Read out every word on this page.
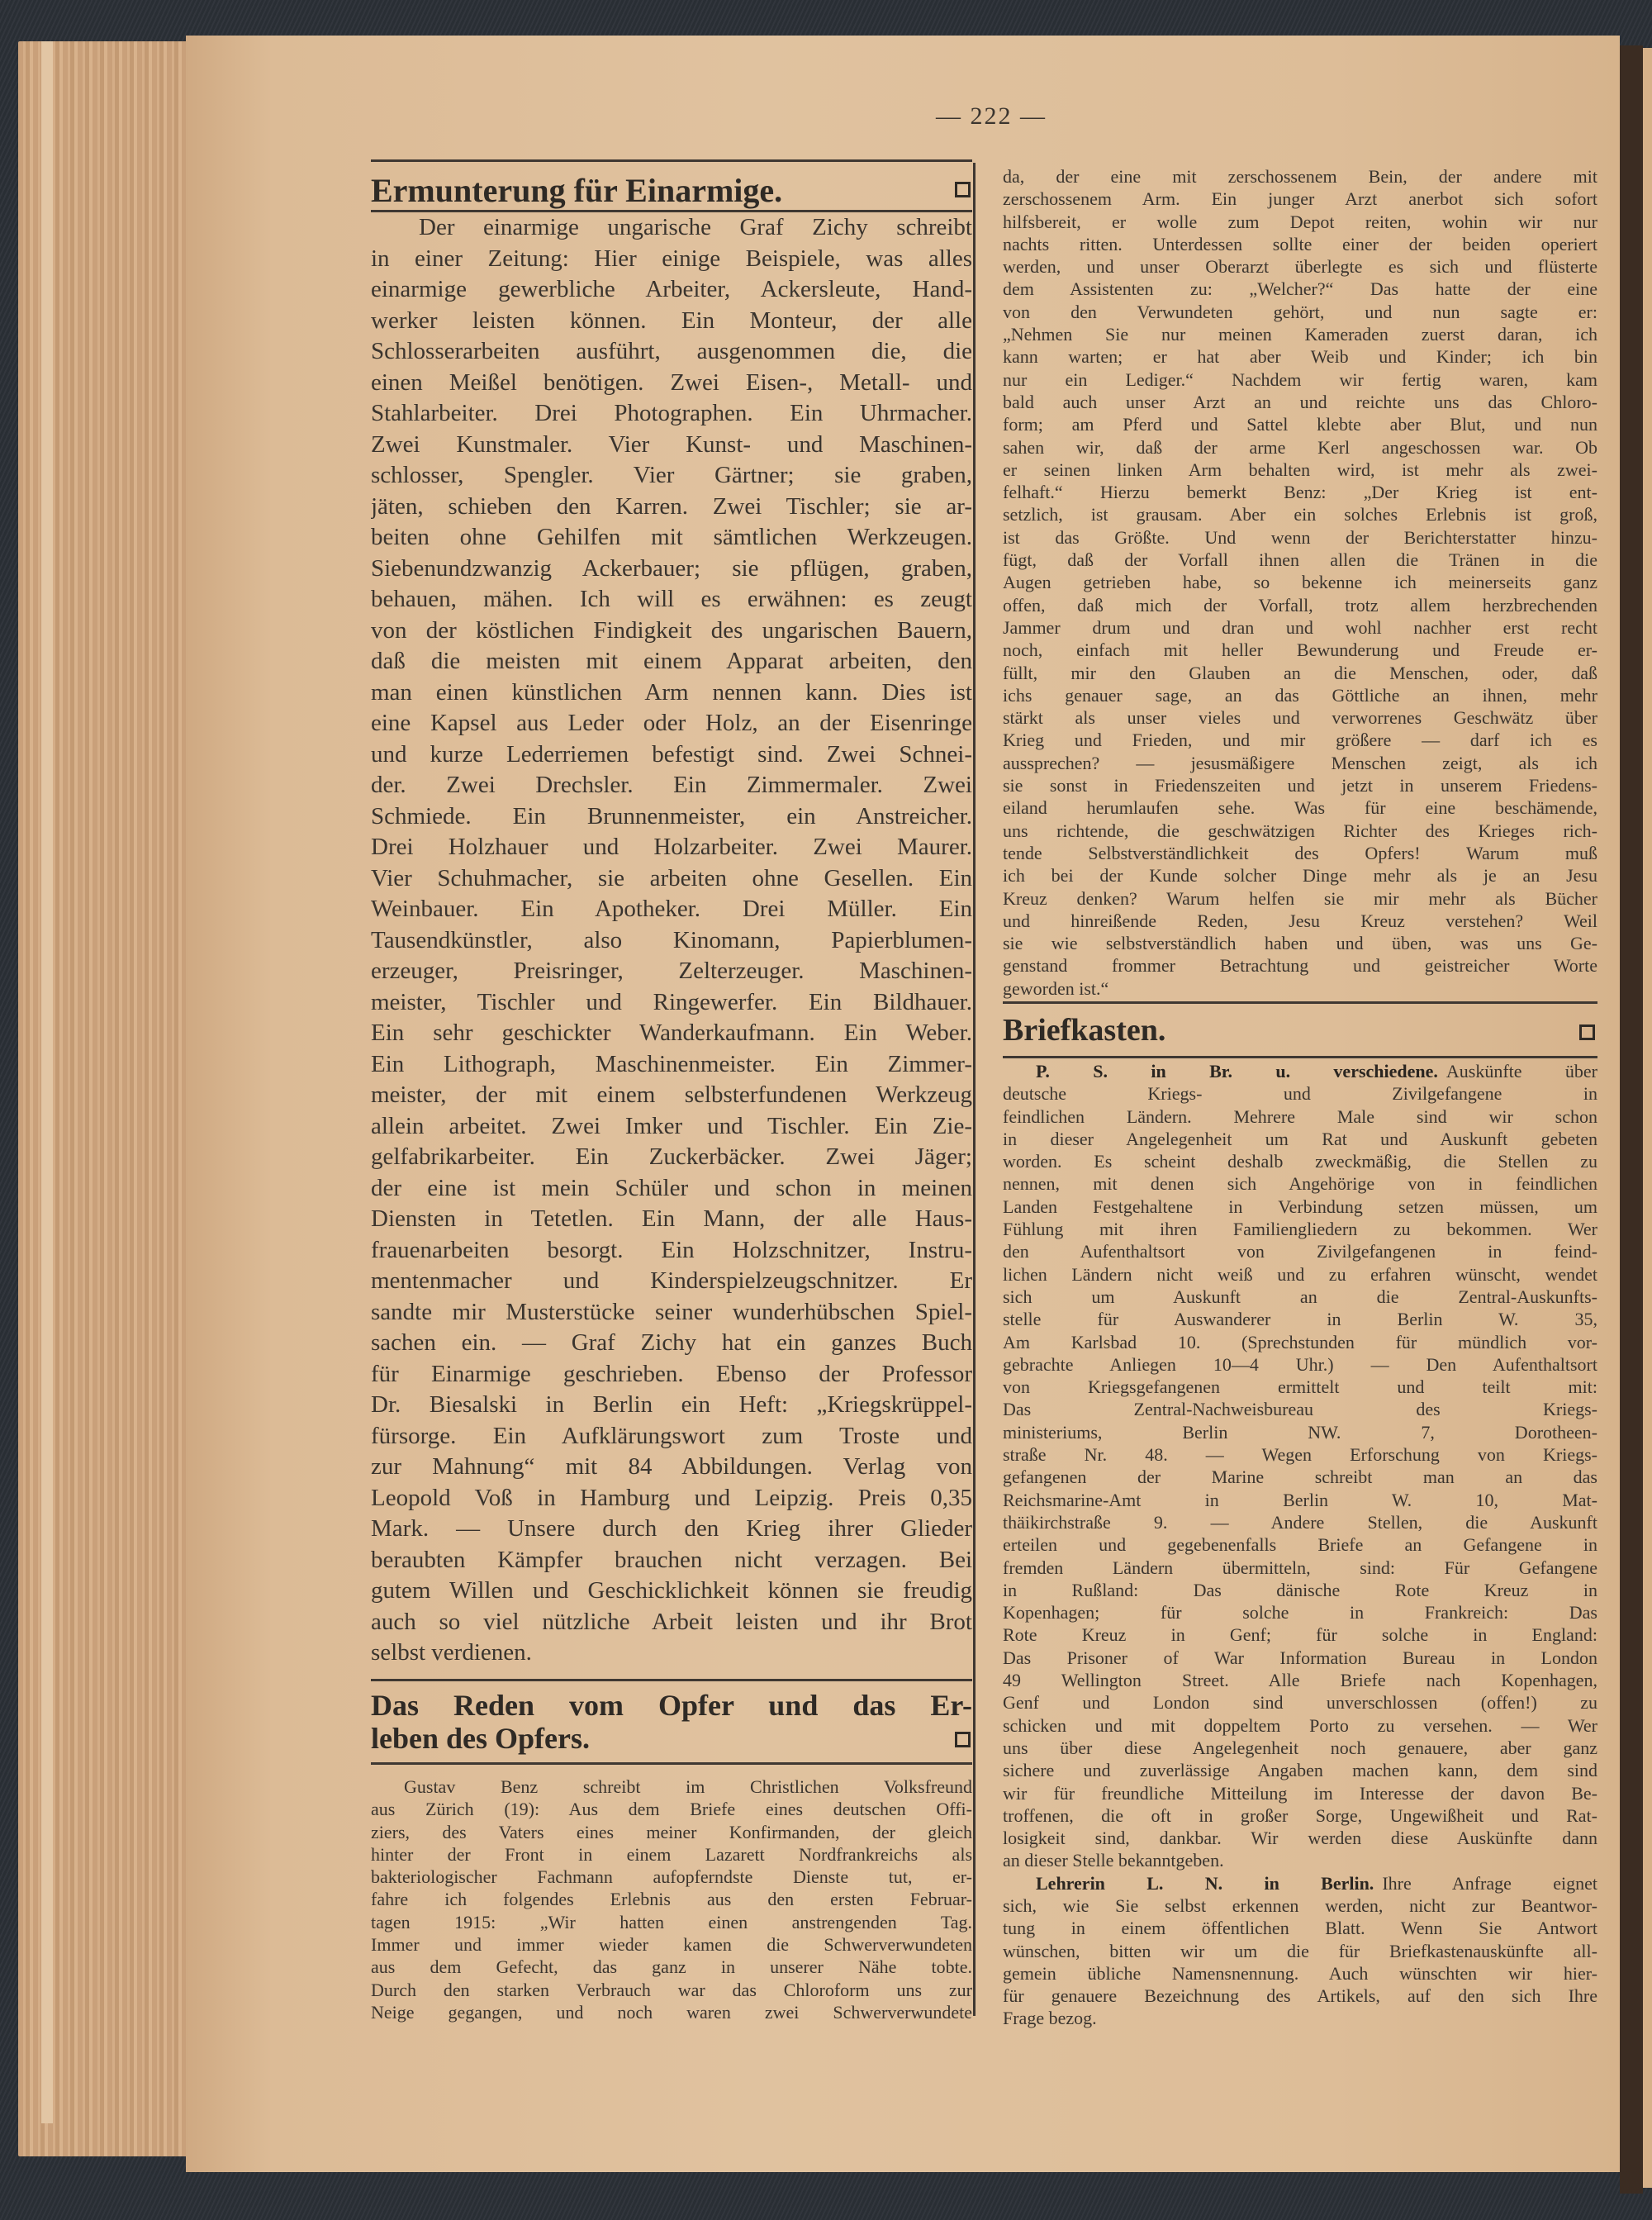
— 222 —
Ermunterung für Einarmige.
Der einarmige ungarische Graf Zichy schreibt
in einer Zeitung: Hier einige Beispiele, was alles
einarmige gewerbliche Arbeiter, Ackersleute, Hand-
werker leisten können. Ein Monteur, der alle
Schlosserarbeiten ausführt, ausgenommen die, die
einen Meißel benötigen. Zwei Eisen-, Metall- und
Stahlarbeiter. Drei Photographen. Ein Uhrmacher.
Zwei Kunstmaler. Vier Kunst- und Maschinen-
schlosser, Spengler. Vier Gärtner; sie graben,
jäten, schieben den Karren. Zwei Tischler; sie ar-
beiten ohne Gehilfen mit sämtlichen Werkzeugen.
Siebenundzwanzig Ackerbauer; sie pflügen, graben,
behauen, mähen. Ich will es erwähnen: es zeugt
von der köstlichen Findigkeit des ungarischen Bauern,
daß die meisten mit einem Apparat arbeiten, den
man einen künstlichen Arm nennen kann. Dies ist
eine Kapsel aus Leder oder Holz, an der Eisenringe
und kurze Lederriemen befestigt sind. Zwei Schnei-
der. Zwei Drechsler. Ein Zimmermaler. Zwei
Schmiede. Ein Brunnenmeister, ein Anstreicher.
Drei Holzhauer und Holzarbeiter. Zwei Maurer.
Vier Schuhmacher, sie arbeiten ohne Gesellen. Ein
Weinbauer. Ein Apotheker. Drei Müller. Ein
Tausendkünstler, also Kinomann, Papierblumen-
erzeuger, Preisringer, Zelterzeuger. Maschinen-
meister, Tischler und Ringewerfer. Ein Bildhauer.
Ein sehr geschickter Wanderkaufmann. Ein Weber.
Ein Lithograph, Maschinenmeister. Ein Zimmer-
meister, der mit einem selbsterfundenen Werkzeug
allein arbeitet. Zwei Imker und Tischler. Ein Zie-
gelfabrikarbeiter. Ein Zuckerbäcker. Zwei Jäger;
der eine ist mein Schüler und schon in meinen
Diensten in Tetetlen. Ein Mann, der alle Haus-
frauenarbeiten besorgt. Ein Holzschnitzer, Instru-
mentenmacher und Kinderspielzeugschnitzer. Er
sandte mir Musterstücke seiner wunderhübschen Spiel-
sachen ein. — Graf Zichy hat ein ganzes Buch
für Einarmige geschrieben. Ebenso der Professor
Dr. Biesalski in Berlin ein Heft: „Kriegskrüppel-
fürsorge. Ein Aufklärungswort zum Troste und
zur Mahnung“ mit 84 Abbildungen. Verlag von
Leopold Voß in Hamburg und Leipzig. Preis 0,35
Mark. — Unsere durch den Krieg ihrer Glieder
beraubten Kämpfer brauchen nicht verzagen. Bei
gutem Willen und Geschicklichkeit können sie freudig
auch so viel nützliche Arbeit leisten und ihr Brot
selbst verdienen.
Das Reden vom Opfer und das Er-
leben des Opfers.
Gustav Benz schreibt im Christlichen Volksfreund
aus Zürich (19): Aus dem Briefe eines deutschen Offi-
ziers, des Vaters eines meiner Konfirmanden, der gleich
hinter der Front in einem Lazarett Nordfrankreichs als
bakteriologischer Fachmann aufopferndste Dienste tut, er-
fahre ich folgendes Erlebnis aus den ersten Februar-
tagen 1915: „Wir hatten einen anstrengenden Tag.
Immer und immer wieder kamen die Schwerverwundeten
aus dem Gefecht, das ganz in unserer Nähe tobte.
Durch den starken Verbrauch war das Chloroform uns zur
Neige gegangen, und noch waren zwei Schwerverwundete
da, der eine mit zerschossenem Bein, der andere mit
zerschossenem Arm. Ein junger Arzt anerbot sich sofort
hilfsbereit, er wolle zum Depot reiten, wohin wir nur
nachts ritten. Unterdessen sollte einer der beiden operiert
werden, und unser Oberarzt überlegte es sich und flüsterte
dem Assistenten zu: „Welcher?“ Das hatte der eine
von den Verwundeten gehört, und nun sagte er:
„Nehmen Sie nur meinen Kameraden zuerst daran, ich
kann warten; er hat aber Weib und Kinder; ich bin
nur ein Lediger.“ Nachdem wir fertig waren, kam
bald auch unser Arzt an und reichte uns das Chloro-
form; am Pferd und Sattel klebte aber Blut, und nun
sahen wir, daß der arme Kerl angeschossen war. Ob
er seinen linken Arm behalten wird, ist mehr als zwei-
felhaft.“ Hierzu bemerkt Benz: „Der Krieg ist ent-
setzlich, ist grausam. Aber ein solches Erlebnis ist groß,
ist das Größte. Und wenn der Berichterstatter hinzu-
fügt, daß der Vorfall ihnen allen die Tränen in die
Augen getrieben habe, so bekenne ich meinerseits ganz
offen, daß mich der Vorfall, trotz allem herzbrechenden
Jammer drum und dran und wohl nachher erst recht
noch, einfach mit heller Bewunderung und Freude er-
füllt, mir den Glauben an die Menschen, oder, daß
ichs genauer sage, an das Göttliche an ihnen, mehr
stärkt als unser vieles und verworrenes Geschwätz über
Krieg und Frieden, und mir größere — darf ich es
aussprechen? — jesusmäßigere Menschen zeigt, als ich
sie sonst in Friedenszeiten und jetzt in unserem Friedens-
eiland herumlaufen sehe. Was für eine beschämende,
uns richtende, die geschwätzigen Richter des Krieges rich-
tende Selbstverständlichkeit des Opfers! Warum muß
ich bei der Kunde solcher Dinge mehr als je an Jesu
Kreuz denken? Warum helfen sie mir mehr als Bücher
und hinreißende Reden, Jesu Kreuz verstehen? Weil
sie wie selbstverständlich haben und üben, was uns Ge-
genstand frommer Betrachtung und geistreicher Worte
geworden ist.“
Briefkasten.
P. S. in Br. u. verschiedene. Auskünfte über
deutsche Kriegs- und Zivilgefangene in
feindlichen Ländern. Mehrere Male sind wir schon
in dieser Angelegenheit um Rat und Auskunft gebeten
worden. Es scheint deshalb zweckmäßig, die Stellen zu
nennen, mit denen sich Angehörige von in feindlichen
Landen Festgehaltene in Verbindung setzen müssen, um
Fühlung mit ihren Familiengliedern zu bekommen. Wer
den Aufenthaltsort von Zivilgefangenen in feind-
lichen Ländern nicht weiß und zu erfahren wünscht, wendet
sich um Auskunft an die Zentral-Auskunfts-
stelle für Auswanderer in Berlin W. 35,
Am Karlsbad 10. (Sprechstunden für mündlich vor-
gebrachte Anliegen 10—4 Uhr.) — Den Aufenthaltsort
von Kriegsgefangenen ermittelt und teilt mit:
Das Zentral-Nachweisbureau des Kriegs-
ministeriums, Berlin NW. 7, Dorotheen-
straße Nr. 48. — Wegen Erforschung von Kriegs-
gefangenen der Marine schreibt man an das
Reichsmarine-Amt in Berlin W. 10, Mat-
thäikirchstraße 9. — Andere Stellen, die Auskunft
erteilen und gegebenenfalls Briefe an Gefangene in
fremden Ländern übermitteln, sind: Für Gefangene
in Rußland: Das dänische Rote Kreuz in
Kopenhagen; für solche in Frankreich: Das
Rote Kreuz in Genf; für solche in England:
Das Prisoner of War Information Bureau in London
49 Wellington Street. Alle Briefe nach Kopenhagen,
Genf und London sind unverschlossen (offen!) zu
schicken und mit doppeltem Porto zu versehen. — Wer
uns über diese Angelegenheit noch genauere, aber ganz
sichere und zuverlässige Angaben machen kann, dem sind
wir für freundliche Mitteilung im Interesse der davon Be-
troffenen, die oft in großer Sorge, Ungewißheit und Rat-
losigkeit sind, dankbar. Wir werden diese Auskünfte dann
an dieser Stelle bekanntgeben.
Lehrerin L. N. in Berlin. Ihre Anfrage eignet
sich, wie Sie selbst erkennen werden, nicht zur Beantwor-
tung in einem öffentlichen Blatt. Wenn Sie Antwort
wünschen, bitten wir um die für Briefkastenauskünfte all-
gemein übliche Namensnennung. Auch wünschten wir hier-
für genauere Bezeichnung des Artikels, auf den sich Ihre
Frage bezog.
